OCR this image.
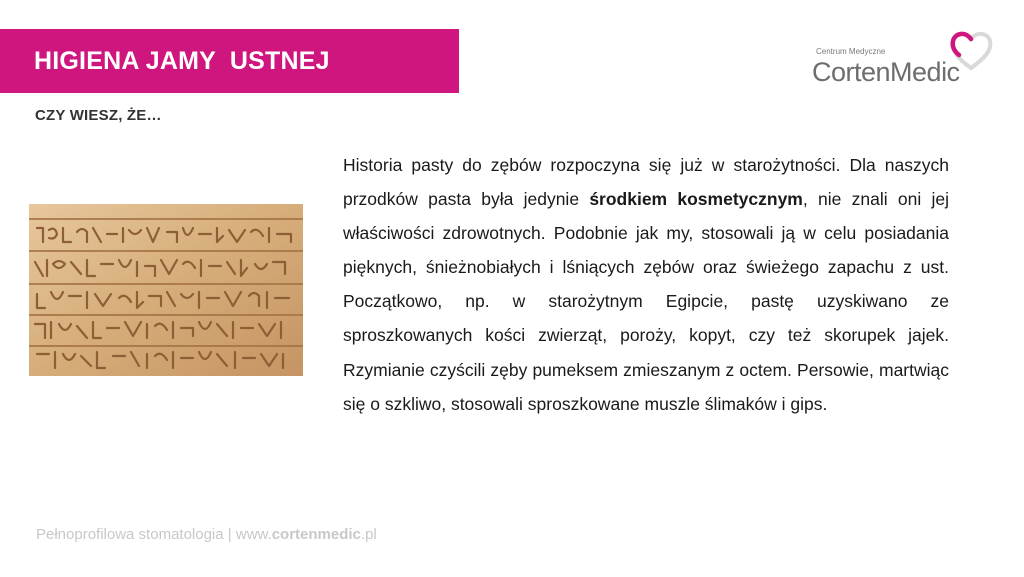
HIGIENA JAMY  USTNEJ	Centrum Medyczne
CortenMedic
CZY WIESZ, ŻE…
Historia pasty do zębów rozpoczyna się już w starożytności. Dla naszych przodków pasta była jedynie środkiem kosmetycznym, nie znali oni jej właściwości zdrowotnych. Podobnie jak my, stosowali ją w celu posiadania pięknych, śnieżnobiałych i lśniących zębów oraz świeżego zapachu z ust. Początkowo, np. w starożytnym Egipcie, pastę uzyskiwano ze sproszkowanych kości zwierząt, poroży, kopyt, czy też skorupek jajek. Rzymianie czyścili zęby pumeksem zmieszanym z octem. Persowie, martwiąc się o szkliwo, stosowali sproszkowane muszle ślimaków i gips.
Pełnoprofilowa stomatologia | www.cortenmedic.pl
